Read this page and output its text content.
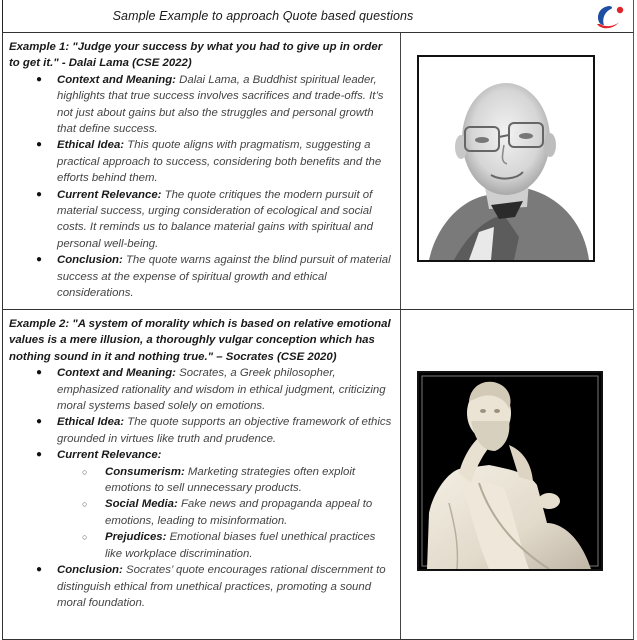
Sample Example to approach Quote based questions
Example 1: "Judge your success by what you had to give up in order to get it." - Dalai Lama (CSE 2022)
● Context and Meaning: Dalai Lama, a Buddhist spiritual leader, highlights that true success involves sacrifices and trade-offs. It’s not just about gains but also the struggles and personal growth that define success.
● Ethical Idea: This quote aligns with pragmatism, suggesting a practical approach to success, considering both benefits and the efforts behind them.
● Current Relevance: The quote critiques the modern pursuit of material success, urging consideration of ecological and social costs. It reminds us to balance material gains with spiritual and personal well-being.
● Conclusion: The quote warns against the blind pursuit of material success at the expense of spiritual growth and ethical considerations.
Example 2: "A system of morality which is based on relative emotional values is a mere illusion, a thoroughly vulgar conception which has nothing sound in it and nothing true." – Socrates (CSE 2020)
● Context and Meaning: Socrates, a Greek philosopher, emphasized rationality and wisdom in ethical judgment, criticizing moral systems based solely on emotions.
● Ethical Idea: The quote supports an objective framework of ethics grounded in virtues like truth and prudence.
● Current Relevance:
○ Consumerism: Marketing strategies often exploit emotions to sell unnecessary products.
○ Social Media: Fake news and propaganda appeal to emotions, leading to misinformation.
○ Prejudices: Emotional biases fuel unethical practices like workplace discrimination.
● Conclusion: Socrates’ quote encourages rational discernment to distinguish ethical from unethical practices, promoting a sound moral foundation.
